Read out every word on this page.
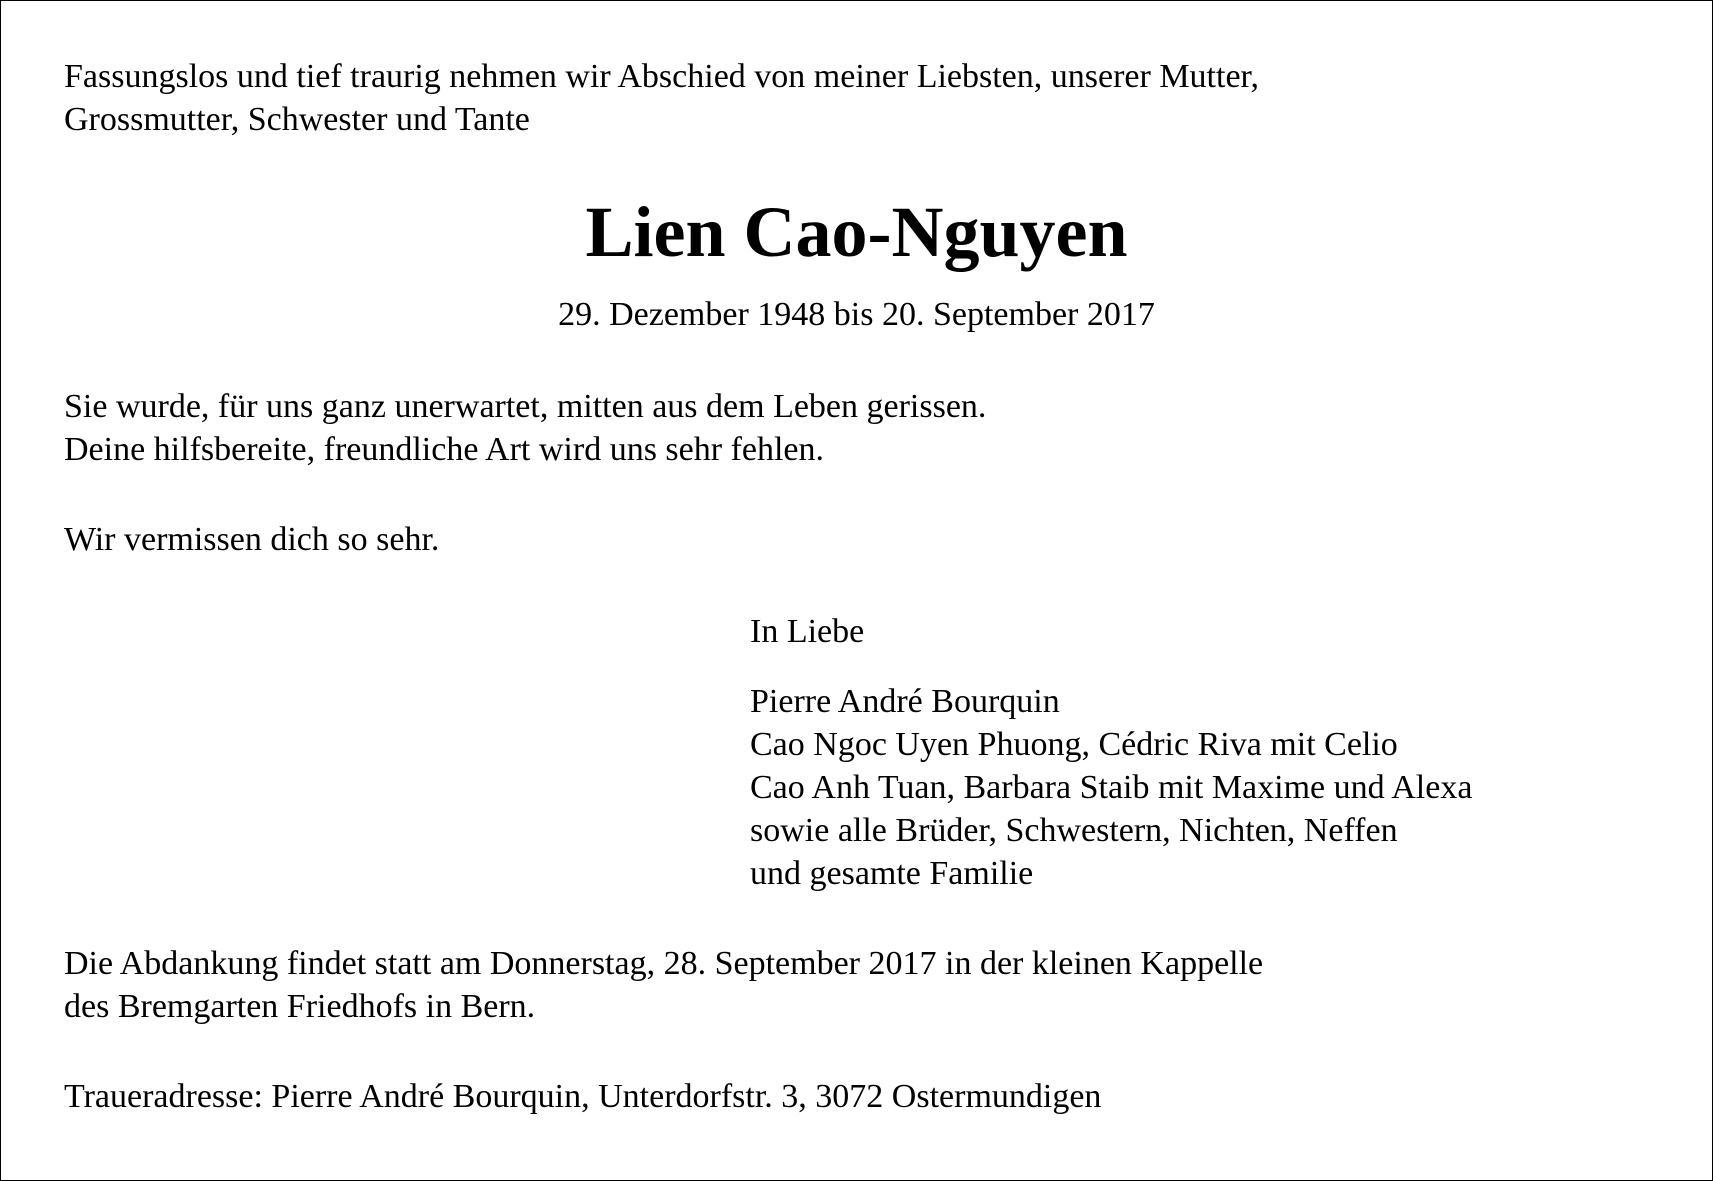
Fassungslos und tief traurig nehmen wir Abschied von meiner Liebsten, unserer Mutter,
Grossmutter, Schwester und Tante
Lien Cao-Nguyen
29. Dezember 1948 bis 20. September 2017
Sie wurde, für uns ganz unerwartet, mitten aus dem Leben gerissen.
Deine hilfsbereite, freundliche Art wird uns sehr fehlen.
Wir vermissen dich so sehr.
In Liebe
Pierre André Bourquin
Cao Ngoc Uyen Phuong, Cédric Riva mit Celio
Cao Anh Tuan, Barbara Staib mit Maxime und Alexa
sowie alle Brüder, Schwestern, Nichten, Neffen
und gesamte Familie
Die Abdankung findet statt am Donnerstag, 28. September 2017 in der kleinen Kappelle
des Bremgarten Friedhofs in Bern.
Traueradresse: Pierre André Bourquin, Unterdorfstr. 3, 3072 Ostermundigen
